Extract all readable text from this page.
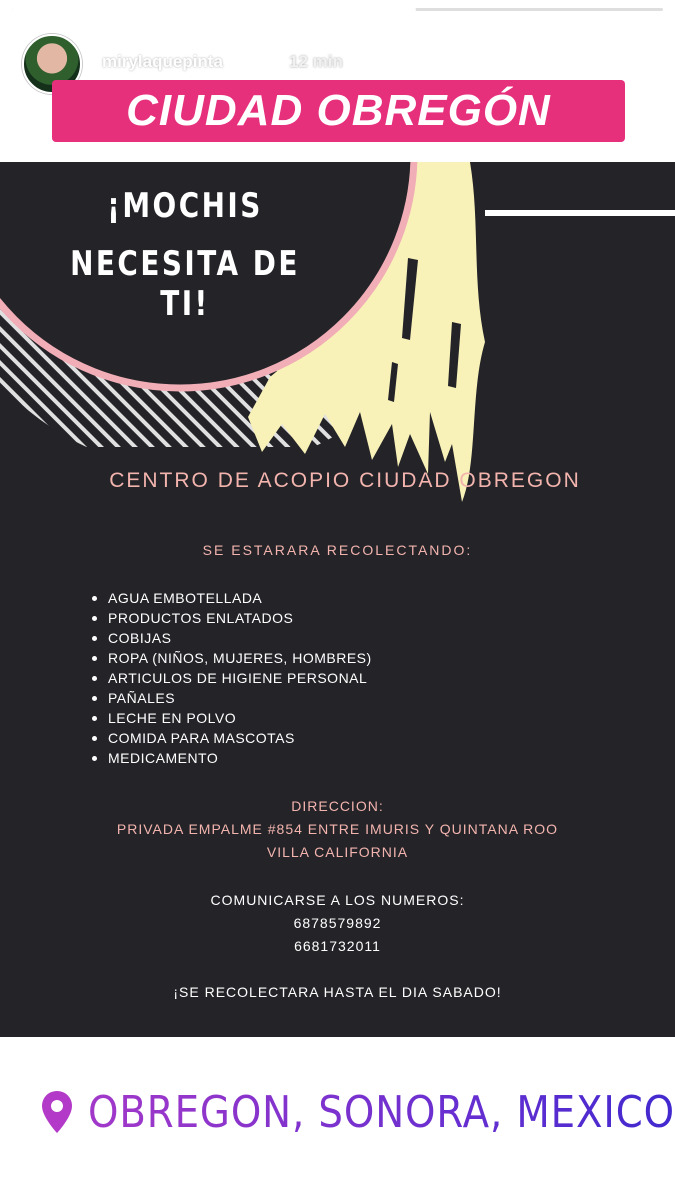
mirylaquepinta	12 min
CIUDAD OBREGÓN
¡MOCHIS
NECESITA DE TI!
CENTRO DE ACOPIO CIUDAD OBREGON
SE ESTARARA RECOLECTANDO:
AGUA EMBOTELLADA
PRODUCTOS ENLATADOS
COBIJAS
ROPA (NIÑOS, MUJERES, HOMBRES)
ARTICULOS DE HIGIENE PERSONAL
PAÑALES
LECHE EN POLVO
COMIDA PARA MASCOTAS
MEDICAMENTO
DIRECCION:
PRIVADA EMPALME #854 ENTRE IMURIS Y QUINTANA ROO
VILLA CALIFORNIA
COMUNICARSE A LOS NUMEROS:
6878579892
6681732011
¡SE RECOLECTARA HASTA EL DIA SABADO!
OBREGON, SONORA, MEXICO
